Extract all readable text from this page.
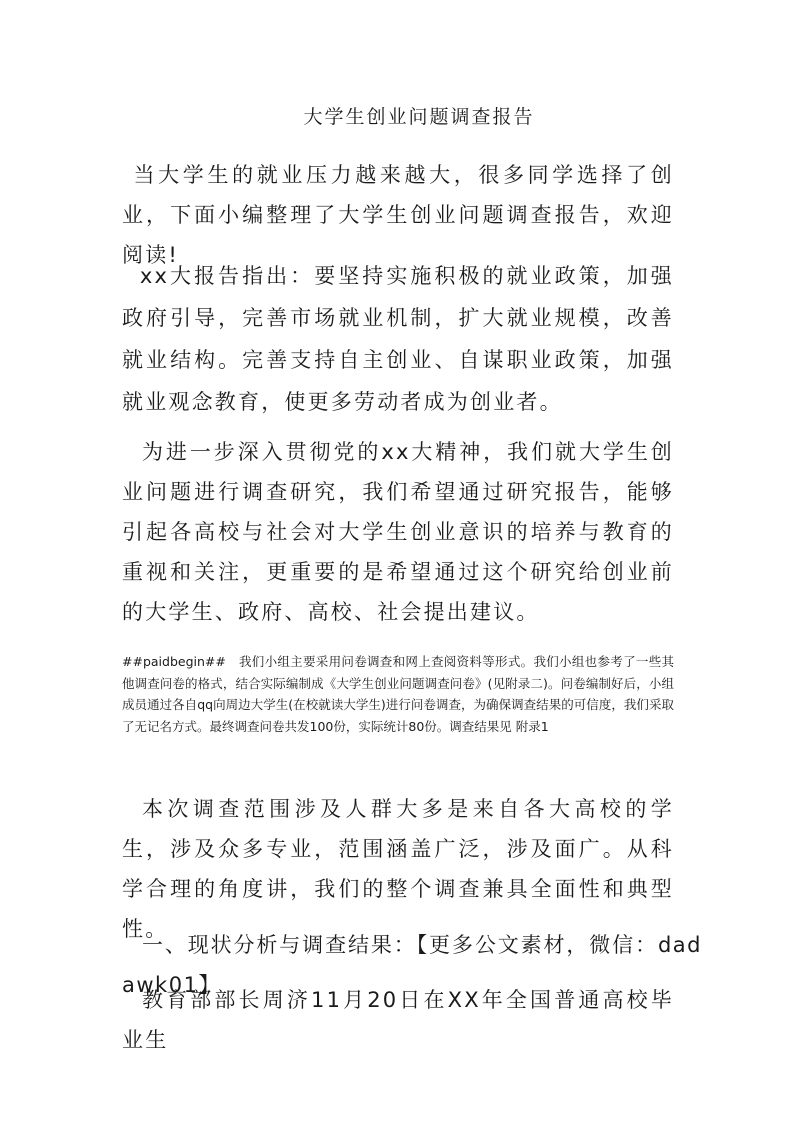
大学生创业问题调查报告

当大学生的就业压力越来越大，很多同学选择了创业，下面小编整理了大学生创业问题调查报告，欢迎阅读!

xx大报告指出：要坚持实施积极的就业政策，加强政府引导，完善市场就业机制，扩大就业规模，改善就业结构。完善支持自主创业、自谋职业政策，加强就业观念教育，使更多劳动者成为创业者。

为进一步深入贯彻党的xx大精神，我们就大学生创业问题进行调查研究，我们希望通过研究报告，能够引起各高校与社会对大学生创业意识的培养与教育的重视和关注，更重要的是希望通过这个研究给创业前的大学生、政府、高校、社会提出建议。

##paidbegin##　我们小组主要采用问卷调查和网上查阅资料等形式。我们小组也参考了一些其他调查问卷的格式，结合实际编制成《大学生创业问题调查问卷》(见附录二)。问卷编制好后，小组成员通过各自qq向周边大学生(在校就读大学生)进行问卷调查，为确保调查结果的可信度，我们采取了无记名方式。最终调查问卷共发100份，实际统计80份。调查结果见 附录1

本次调查范围涉及人群大多是来自各大高校的学生，涉及众多专业，范围涵盖广泛，涉及面广。从科学合理的角度讲，我们的整个调查兼具全面性和典型性。

一、现状分析与调查结果：【更多公文素材，微信：dad awk01】

教育部部长周济11月20日在XX年全国普通高校毕业生
